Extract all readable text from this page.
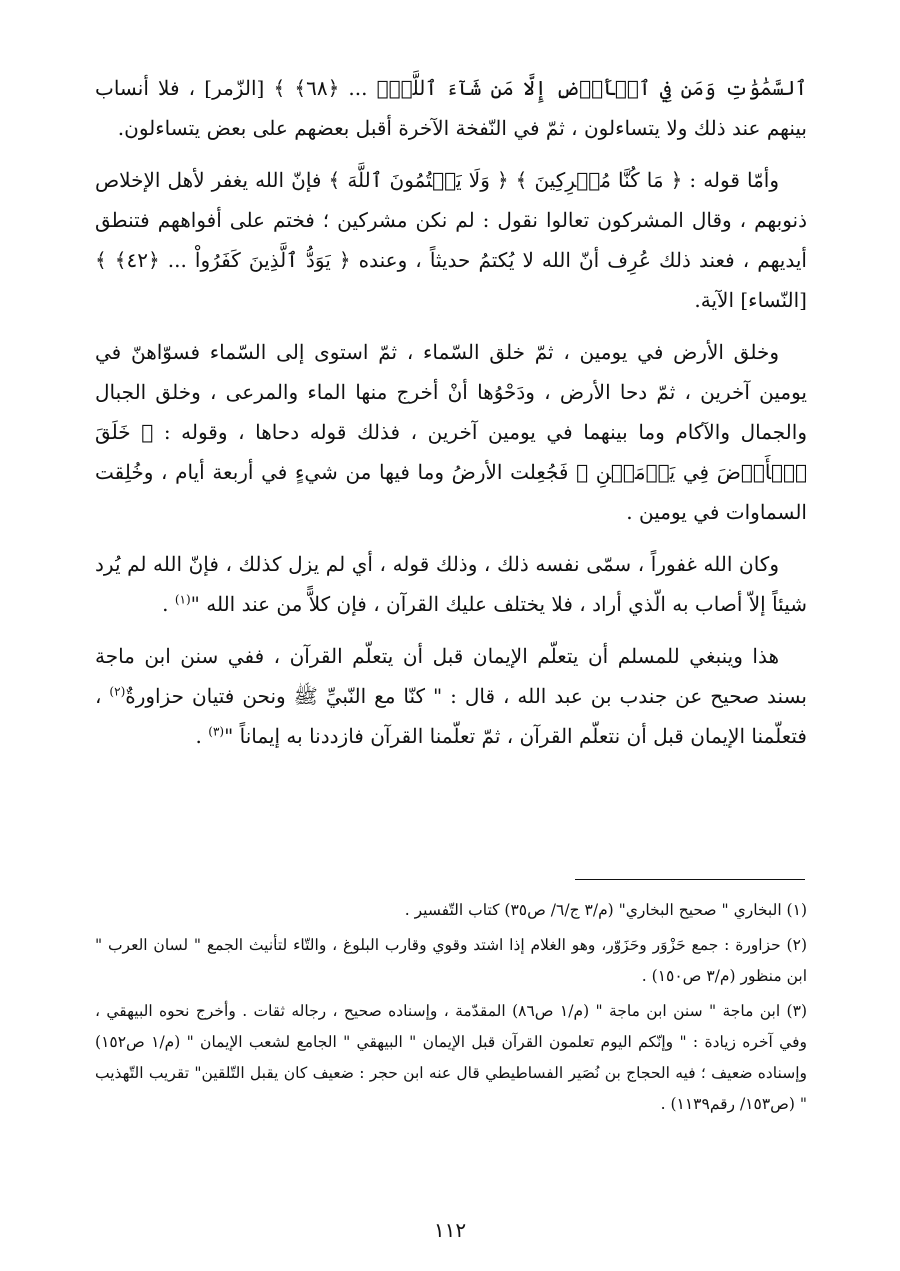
ٱلسَّمَٰوَٰتِ وَمَن فِي ٱلۡأَرۡضِ إِلَّا مَن شَآءَ ٱللَّهُۖ ... ﴿٦٨﴾ ﴾ [الزّمر] ، فلا أنساب بينهم عند ذلك ولا يتساءلون ، ثمّ في النّفخة الآخرة أقبل بعضهم على بعض يتساءلون.

وأمّا قوله : ﴿ مَا كُنَّا مُشۡرِكِينَ ﴾ ﴿ وَلَا يَكۡتُمُونَ ٱللَّهَ ﴾ فإنّ الله يغفر لأهل الإخلاص ذنوبهم ، وقال المشركون تعالوا نقول : لم نكن مشركين ؛ فختم على أفواههم فتنطق أيديهم ، فعند ذلك عُرِف أنّ الله لا يُكتمُ حديثاً ، وعنده ﴿ يَوَدُّ ٱلَّذِينَ كَفَرُواْ ... ﴿٤٢﴾ ﴾ [النّساء] الآية.

وخلق الأرض في يومين ، ثمّ خلق السّماء ، ثمّ استوى إلى السّماء فسوّاهنّ في يومين آخرين ، ثمّ دحا الأرض ، ودَحْوُها أنْ أخرج منها الماء والمرعى ، وخلق الجبال والجمال والآكام وما بينهما في يومين آخرين ، فذلك قوله دحاها ، وقوله : ﴿ خَلَقَ ٱلۡأَرۡضَ فِي يَوۡمَيۡنِ ﴾ فَجُعِلت الأرضُ وما فيها من شيءٍ في أربعة أيام ، وخُلِقت السماوات في يومين .

وكان الله غفوراً ، سمّى نفسه ذلك ، وذلك قوله ، أي لم يزل كذلك ، فإنّ الله لم يُرد شيئاً إلاّ أصاب به الّذي أراد ، فلا يختلف عليك القرآن ، فإن كلاًّ من عند الله "$^{(١)}$ .

هذا وينبغي للمسلم أن يتعلّم الإيمان قبل أن يتعلّم القرآن ، ففي سنن ابن ماجة بسند صحيح عن جندب بن عبد الله ، قال : " كنّا مع النّبيِّ ﷺ ونحن فتيان حزاورةٌ$^{(٢)}$ ، فتعلّمنا الإيمان قبل أن نتعلّم القرآن ، ثمّ تعلّمنا القرآن فازددنا به إيماناً "$^{(٣)}$ .

(١) البخاري " صحيح البخاري" (م/٣ ج/٦/ ص٣٥) كتاب التّفسير .

(٢) حزاورة : جمع حَزْوَر وحَزَوّر، وهو الغلام إذا اشتد وقوي وقارب البلوغ ، والتّاء لتأنيث الجمع " لسان العرب " ابن منظور (م/٣ ص١٥٠) .

(٣) ابن ماجة " سنن ابن ماجة " (م/١ ص٨٦) المقدّمة ، وإسناده صحيح ، رجاله ثقات . وأخرج نحوه البيهقي ، وفي آخره زيادة : " وإنّكم اليوم تعلمون القرآن قبل الإيمان " البيهقي " الجامع لشعب الإيمان " (م/١ ص١٥٢) وإسناده ضعيف ؛ فيه الحجاج بن نُصَير الفساطيطي قال عنه ابن حجر : ضعيف كان يقبل التّلقين" تقريب التّهذيب " (ص١٥٣/ رقم١١٣٩) .

١١٢
